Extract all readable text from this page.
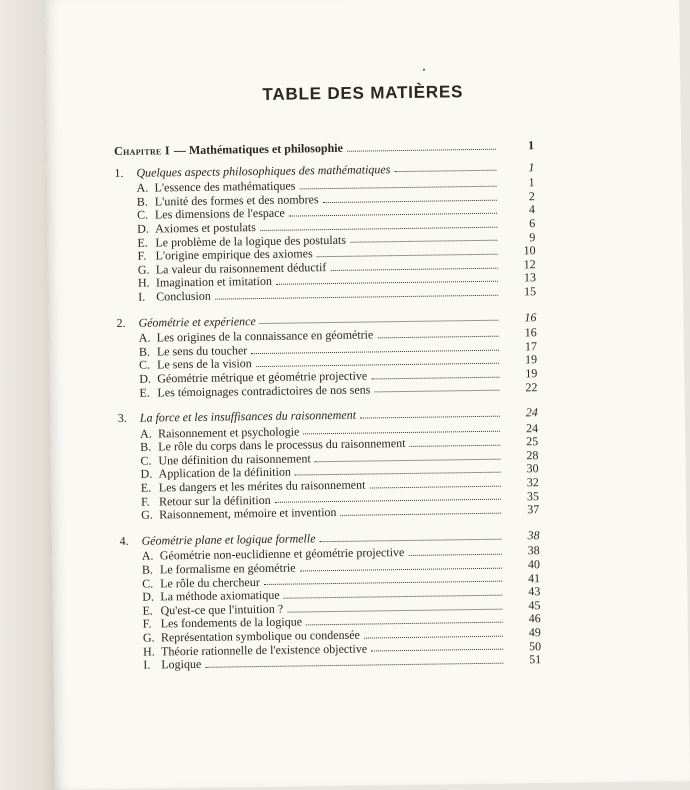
TABLE DES MATIÈRES
Chapitre I — Mathématiques et philosophie	1
1.	Quelques aspects philosophiques des mathématiques	1
A. L'essence des mathématiques	1
B. L'unité des formes et des nombres	2
C. Les dimensions de l'espace	4
D. Axiomes et postulats	6
E. Le problème de la logique des postulats	9
F. L'origine empirique des axiomes	10
G. La valeur du raisonnement déductif	12
H. Imagination et imitation	13
I. Conclusion	15
2.	Géométrie et expérience	16
A. Les origines de la connaissance en géométrie	16
B. Le sens du toucher	17
C. Le sens de la vision	19
D. Géométrie métrique et géométrie projective	19
E. Les témoignages contradictoires de nos sens	22
3.	La force et les insuffisances du raisonnement	24
A. Raisonnement et psychologie	24
B. Le rôle du corps dans le processus du raisonnement	25
C. Une définition du raisonnement	28
D. Application de la définition	30
E. Les dangers et les mérites du raisonnement	32
F. Retour sur la définition	35
G. Raisonnement, mémoire et invention	37
4.	Géométrie plane et logique formelle	38
A. Géométrie non-euclidienne et géométrie projective	38
B. Le formalisme en géométrie	40
C. Le rôle du chercheur	41
D. La méthode axiomatique	43
E. Qu'est-ce que l'intuition ?	45
F. Les fondements de la logique	46
G. Représentation symbolique ou condensée	49
H. Théorie rationnelle de l'existence objective	50
I. Logique	51
